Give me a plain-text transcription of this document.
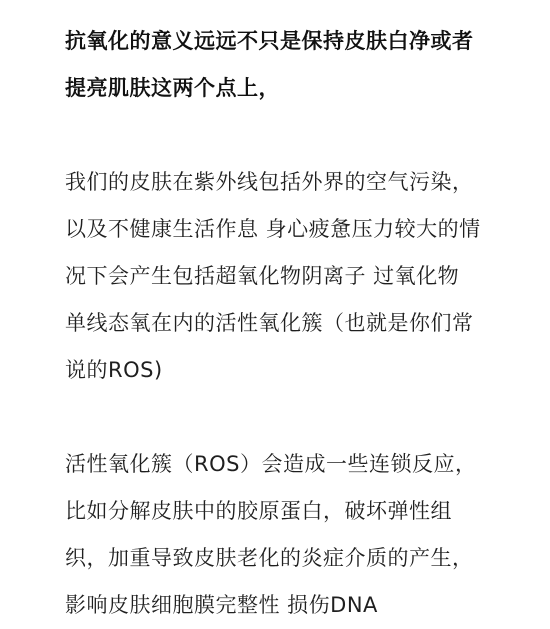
抗氧化的意义远远不只是保持皮肤白净或者
提亮肌肤这两个点上，

我们的皮肤在紫外线包括外界的空气污染，
以及不健康生活作息 身心疲惫压力较大的情
况下会产生包括超氧化物阴离子 过氧化物
单线态氧在内的活性氧化簇（也就是你们常
说的ROS)

活性氧化簇（ROS）会造成一些连锁反应，
比如分解皮肤中的胶原蛋白，破坏弹性组
织，加重导致皮肤老化的炎症介质的产生，
影响皮肤细胞膜完整性 损伤DNA
